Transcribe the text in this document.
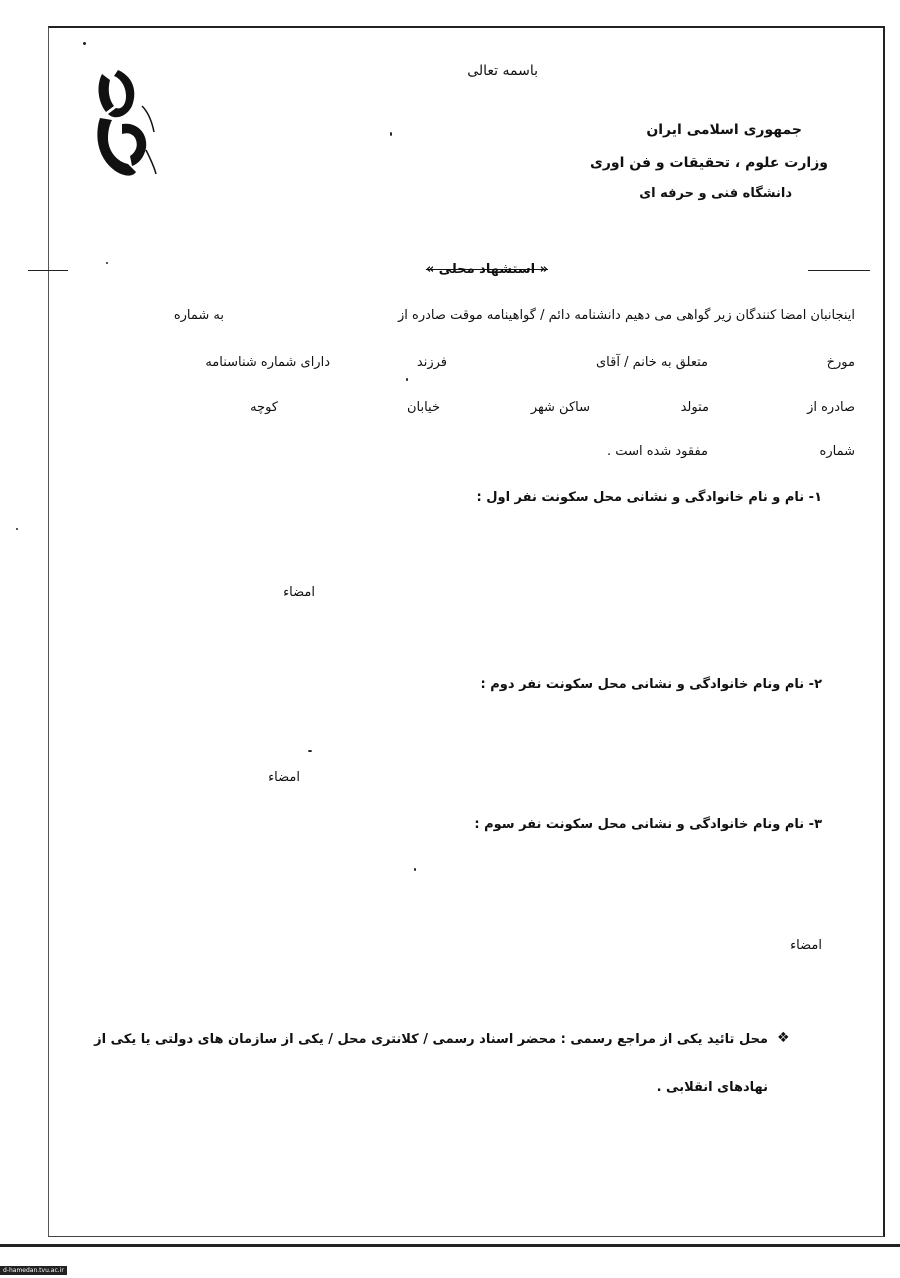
باسمه تعالی
جمهوری اسلامی ایران
وزارت علوم ، تحقیقات و فن اوری
دانشگاه فنی و حرفه ای
« استشهاد محلی »
اینجانبان امضا کنندگان زیر گواهی می دهیم دانشنامه دائم / گواهینامه موقت صادره از
به شماره
مورخ
متعلق به خانم / آقای
فرزند
دارای شماره شناسنامه
صادره از
متولد
ساکن شهر
خیابان
کوچه
شماره
مفقود شده است .
١- نام و نام خانوادگی و نشانی محل سکونت نفر اول :
امضاء
٢- نام ونام خانوادگی و نشانی محل سکونت نفر دوم :
امضاء
٣- نام ونام خانوادگی و نشانی محل سکونت نفر سوم :
امضاء
❖
محل تائید یکی از مراجع رسمی : محضر اسناد رسمی / کلانتری محل / یکی از سازمان های دولتی یا یکی از
نهادهای انقلابی .
d-hamedan.tvu.ac.ir
